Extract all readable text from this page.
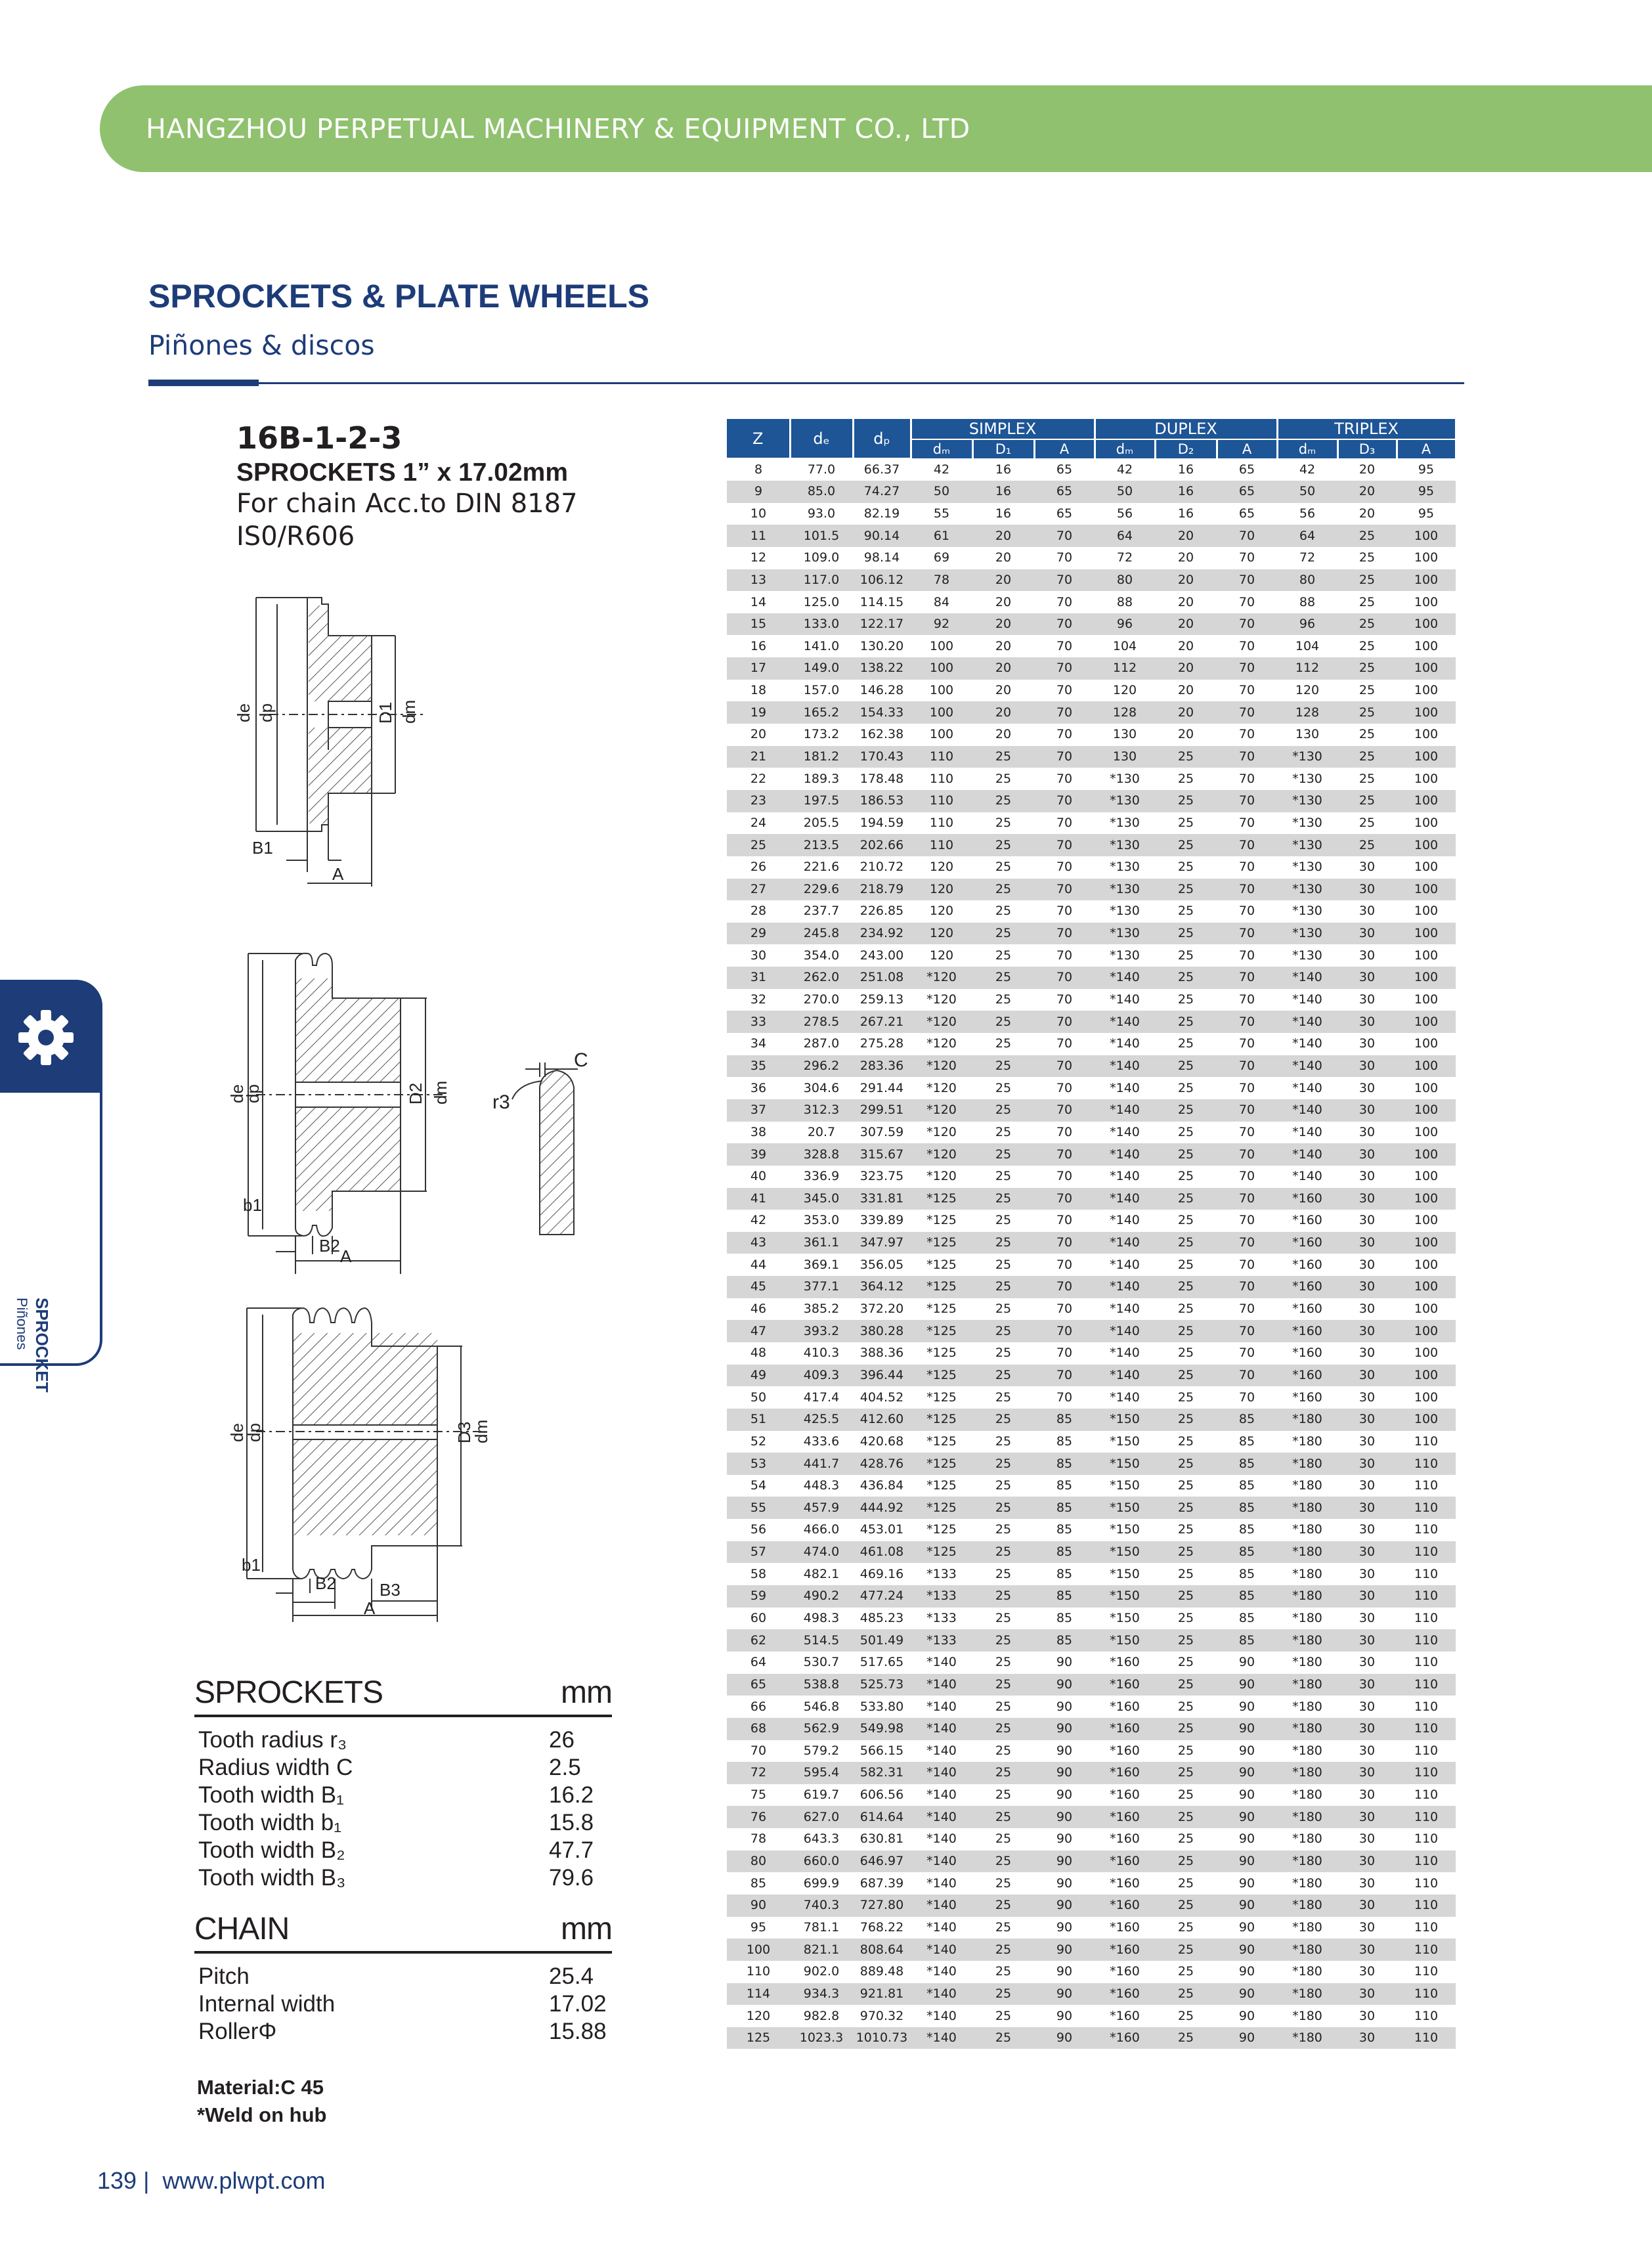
HANGZHOU PERPETUAL MACHINERY & EQUIPMENT CO., LTD
SPROCKETS & PLATE WHEELS
Piñones & discos
SPROCKET
Piñones
16B-1-2-3
SPROCKETS 1” x 17.02mm
For chain Acc.to DIN 8187
IS0/R606
de dp	D1 dm
B1
A
de
dp	D2 dm
b1
B2
A
C
r3
de
dp	D3
dm
b1
B2	B3
A
SPROCKETS	mm
Tooth radius r₃	26
Radius width C	2.5
Tooth width B₁	16.2
Tooth width b₁	15.8
Tooth width B₂	47.7
Tooth width B₃	79.6
CHAIN	mm
Pitch	25.4
Internal width	17.02
RollerΦ	15.88
Material:C 45
*Weld on hub
139 |  www.plwpt.com
Z	dₑ	dₚ	SIMPLEX			DUPLEX			TRIPLEX		
			dₘ	D₁	A	dₘ	D₂	A	dₘ	D₃	A
8	77.0	66.37	42	16	65	42	16	65	42	20	95
9	85.0	74.27	50	16	65	50	16	65	50	20	95
10	93.0	82.19	55	16	65	56	16	65	56	20	95
11	101.5	90.14	61	20	70	64	20	70	64	25	100
12	109.0	98.14	69	20	70	72	20	70	72	25	100
13	117.0	106.12	78	20	70	80	20	70	80	25	100
14	125.0	114.15	84	20	70	88	20	70	88	25	100
15	133.0	122.17	92	20	70	96	20	70	96	25	100
16	141.0	130.20	100	20	70	104	20	70	104	25	100
17	149.0	138.22	100	20	70	112	20	70	112	25	100
18	157.0	146.28	100	20	70	120	20	70	120	25	100
19	165.2	154.33	100	20	70	128	20	70	128	25	100
20	173.2	162.38	100	20	70	130	20	70	130	25	100
21	181.2	170.43	110	25	70	130	25	70	*130	25	100
22	189.3	178.48	110	25	70	*130	25	70	*130	25	100
23	197.5	186.53	110	25	70	*130	25	70	*130	25	100
24	205.5	194.59	110	25	70	*130	25	70	*130	25	100
25	213.5	202.66	110	25	70	*130	25	70	*130	25	100
26	221.6	210.72	120	25	70	*130	25	70	*130	30	100
27	229.6	218.79	120	25	70	*130	25	70	*130	30	100
28	237.7	226.85	120	25	70	*130	25	70	*130	30	100
29	245.8	234.92	120	25	70	*130	25	70	*130	30	100
30	354.0	243.00	120	25	70	*130	25	70	*130	30	100
31	262.0	251.08	*120	25	70	*140	25	70	*140	30	100
32	270.0	259.13	*120	25	70	*140	25	70	*140	30	100
33	278.5	267.21	*120	25	70	*140	25	70	*140	30	100
34	287.0	275.28	*120	25	70	*140	25	70	*140	30	100
35	296.2	283.36	*120	25	70	*140	25	70	*140	30	100
36	304.6	291.44	*120	25	70	*140	25	70	*140	30	100
37	312.3	299.51	*120	25	70	*140	25	70	*140	30	100
38	20.7	307.59	*120	25	70	*140	25	70	*140	30	100
39	328.8	315.67	*120	25	70	*140	25	70	*140	30	100
40	336.9	323.75	*120	25	70	*140	25	70	*140	30	100
41	345.0	331.81	*125	25	70	*140	25	70	*160	30	100
42	353.0	339.89	*125	25	70	*140	25	70	*160	30	100
43	361.1	347.97	*125	25	70	*140	25	70	*160	30	100
44	369.1	356.05	*125	25	70	*140	25	70	*160	30	100
45	377.1	364.12	*125	25	70	*140	25	70	*160	30	100
46	385.2	372.20	*125	25	70	*140	25	70	*160	30	100
47	393.2	380.28	*125	25	70	*140	25	70	*160	30	100
48	410.3	388.36	*125	25	70	*140	25	70	*160	30	100
49	409.3	396.44	*125	25	70	*140	25	70	*160	30	100
50	417.4	404.52	*125	25	70	*140	25	70	*160	30	100
51	425.5	412.60	*125	25	85	*150	25	85	*180	30	100
52	433.6	420.68	*125	25	85	*150	25	85	*180	30	110
53	441.7	428.76	*125	25	85	*150	25	85	*180	30	110
54	448.3	436.84	*125	25	85	*150	25	85	*180	30	110
55	457.9	444.92	*125	25	85	*150	25	85	*180	30	110
56	466.0	453.01	*125	25	85	*150	25	85	*180	30	110
57	474.0	461.08	*125	25	85	*150	25	85	*180	30	110
58	482.1	469.16	*133	25	85	*150	25	85	*180	30	110
59	490.2	477.24	*133	25	85	*150	25	85	*180	30	110
60	498.3	485.23	*133	25	85	*150	25	85	*180	30	110
62	514.5	501.49	*133	25	85	*150	25	85	*180	30	110
64	530.7	517.65	*140	25	90	*160	25	90	*180	30	110
65	538.8	525.73	*140	25	90	*160	25	90	*180	30	110
66	546.8	533.80	*140	25	90	*160	25	90	*180	30	110
68	562.9	549.98	*140	25	90	*160	25	90	*180	30	110
70	579.2	566.15	*140	25	90	*160	25	90	*180	30	110
72	595.4	582.31	*140	25	90	*160	25	90	*180	30	110
75	619.7	606.56	*140	25	90	*160	25	90	*180	30	110
76	627.0	614.64	*140	25	90	*160	25	90	*180	30	110
78	643.3	630.81	*140	25	90	*160	25	90	*180	30	110
80	660.0	646.97	*140	25	90	*160	25	90	*180	30	110
85	699.9	687.39	*140	25	90	*160	25	90	*180	30	110
90	740.3	727.80	*140	25	90	*160	25	90	*180	30	110
95	781.1	768.22	*140	25	90	*160	25	90	*180	30	110
100	821.1	808.64	*140	25	90	*160	25	90	*180	30	110
110	902.0	889.48	*140	25	90	*160	25	90	*180	30	110
114	934.3	921.81	*140	25	90	*160	25	90	*180	30	110
120	982.8	970.32	*140	25	90	*160	25	90	*180	30	110
125	1023.3	1010.73	*140	25	90	*160	25	90	*180	30	110
